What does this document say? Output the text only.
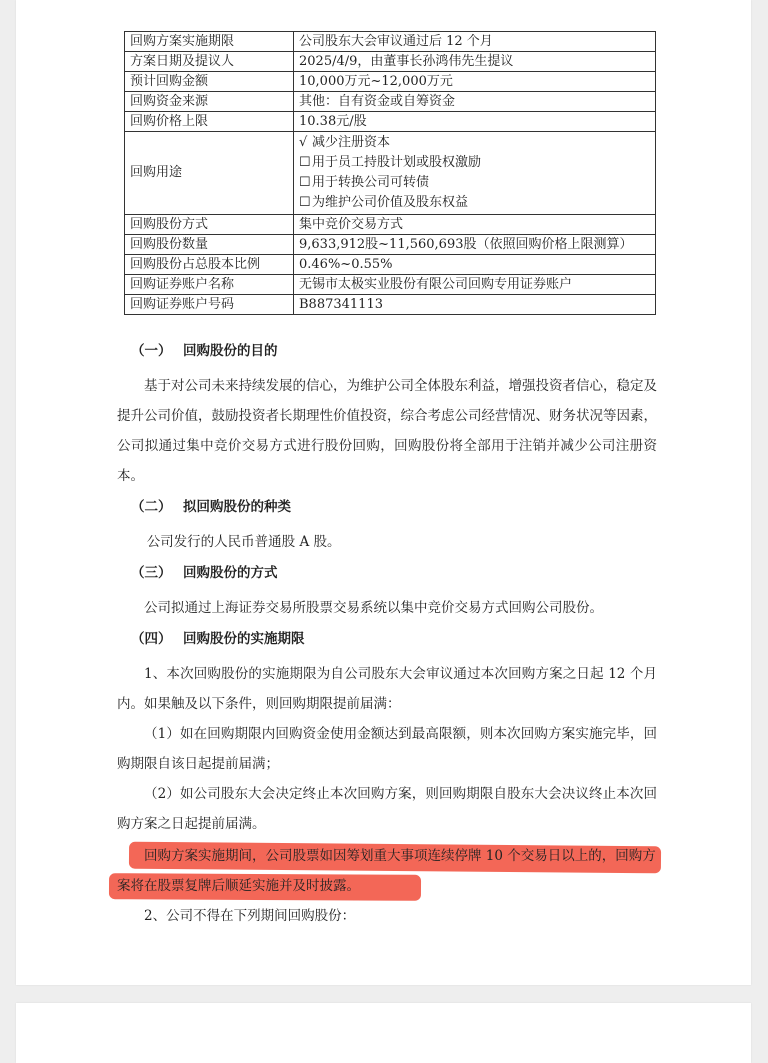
回购方案实施期限	公司股东大会审议通过后 12 个月
方案日期及提议人	2025/4/9，由董事长孙鸿伟先生提议
预计回购金额	10,000万元~12,000万元
回购资金来源	其他：自有资金或自筹资金
回购价格上限	10.38元/股
回购用途	√ 减少注册资本
☐用于员工持股计划或股权激励
☐用于转换公司可转债
☐为维护公司价值及股东权益

回购股份方式	集中竞价交易方式
回购股份数量	9,633,912股~11,560,693股（依照回购价格上限测算）
回购股份占总股本比例	0.46%~0.55%
回购证券账户名称	无锡市太极实业股份有限公司回购专用证券账户
回购证券账户号码	B887341113
（一） 回购股份的目的

基于对公司未来持续发展的信心，为维护公司全体股东利益，增强投资者信心，稳定及提升公司价值，鼓励投资者长期理性价值投资，综合考虑公司经营情况、财务状况等因素，公司拟通过集中竞价交易方式进行股份回购，回购股份将全部用于注销并减少公司注册资本。

（二） 拟回购股份的种类

公司发行的人民币普通股 A 股。

（三） 回购股份的方式

公司拟通过上海证券交易所股票交易系统以集中竞价交易方式回购公司股份。

（四） 回购股份的实施期限

1、本次回购股份的实施期限为自公司股东大会审议通过本次回购方案之日起 12 个月内。如果触及以下条件，则回购期限提前届满：

（1）如在回购期限内回购资金使用金额达到最高限额，则本次回购方案实施完毕，回购期限自该日起提前届满；

（2）如公司股东大会决定终止本次回购方案，则回购期限自股东大会决议终止本次回购方案之日起提前届满。

回购方案实施期间，公司股票如因筹划重大事项连续停牌 10 个交易日以上的，回购方案将在股票复牌后顺延实施并及时披露。

2、公司不得在下列期间回购股份：
